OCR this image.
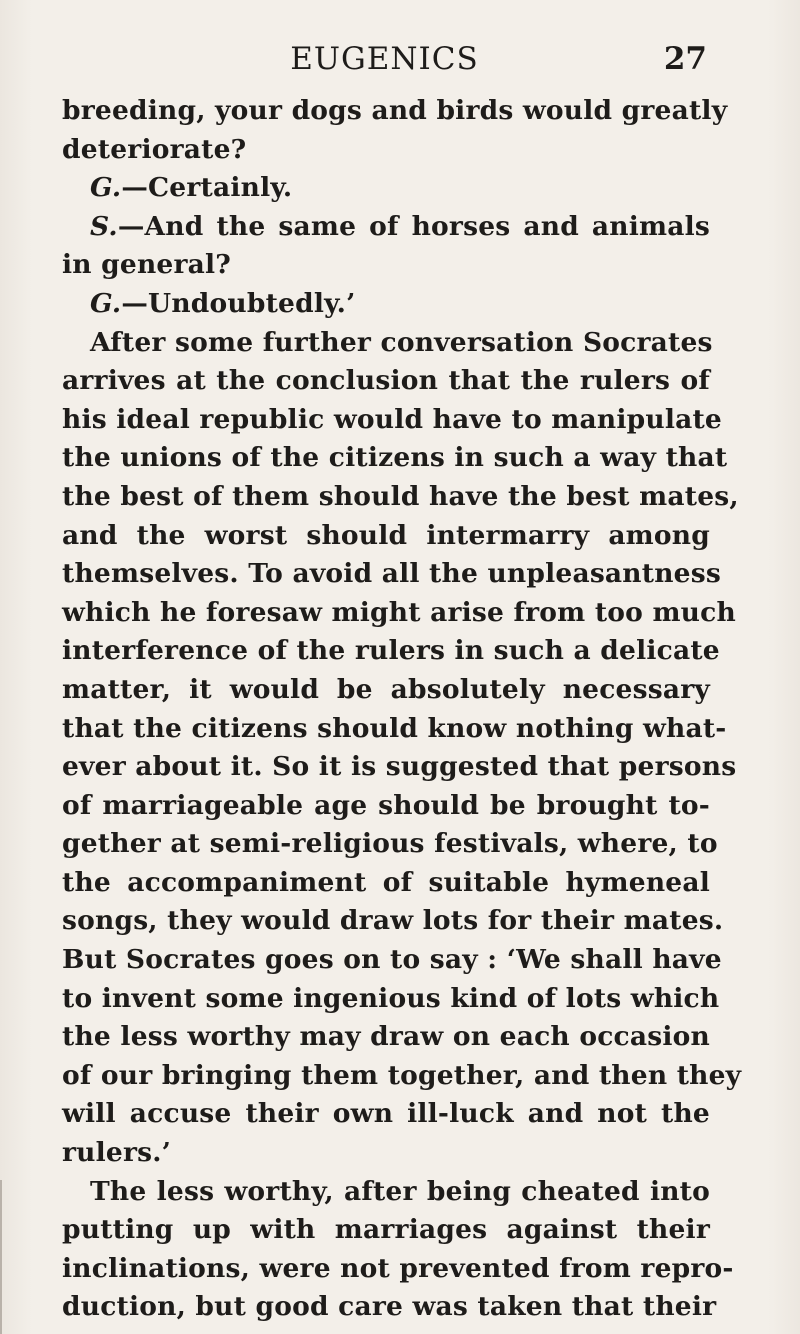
EUGENICS	27
breeding, your dogs and birds would greatly
deteriorate?
G.—Certainly.
S.—And the same of horses and animals
in general?
G.—Undoubtedly.’
After some further conversation Socrates
arrives at the conclusion that the rulers of
his ideal republic would have to manipulate
the unions of the citizens in such a way that
the best of them should have the best mates,
and the worst should intermarry among
themselves. To avoid all the unpleasantness
which he foresaw might arise from too much
interference of the rulers in such a delicate
matter, it would be absolutely necessary
that the citizens should know nothing what-
ever about it. So it is suggested that persons
of marriageable age should be brought to-
gether at semi-religious festivals, where, to
the accompaniment of suitable hymeneal
songs, they would draw lots for their mates.
But Socrates goes on to say : ‘We shall have
to invent some ingenious kind of lots which
the less worthy may draw on each occasion
of our bringing them together, and then they
will accuse their own ill-luck and not the
rulers.’
The less worthy, after being cheated into
putting up with marriages against their
inclinations, were not prevented from repro-
duction, but good care was taken that their
